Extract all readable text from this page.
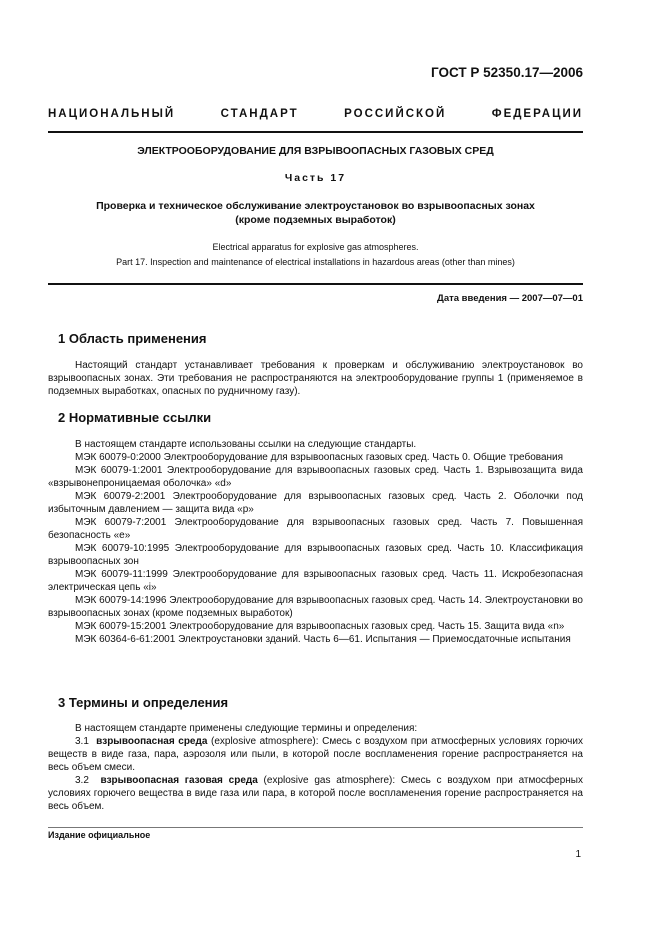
ГОСТ Р 52350.17—2006
НАЦИОНАЛЬНЫЙ СТАНДАРТ РОССИЙСКОЙ ФЕДЕРАЦИИ
ЭЛЕКТРООБОРУДОВАНИЕ ДЛЯ ВЗРЫВООПАСНЫХ ГАЗОВЫХ СРЕД
Часть 17
Проверка и техническое обслуживание электроустановок во взрывоопасных зонах
(кроме подземных выработок)
Electrical apparatus for explosive gas atmospheres.
Part 17. Inspection and maintenance of electrical installations in hazardous areas (other than mines)
Дата введения — 2007—07—01
1 Область применения
Настоящий стандарт устанавливает требования к проверкам и обслуживанию электроустановок во взрывоопасных зонах. Эти требования не распространяются на электрооборудование группы 1 (применяемое в подземных выработках, опасных по рудничному газу).
2 Нормативные ссылки

В настоящем стандарте использованы ссылки на следующие стандарты.

МЭК 60079-0:2000 Электрооборудование для взрывоопасных газовых сред. Часть 0. Общие требования

МЭК 60079-1:2001 Электрооборудование для взрывоопасных газовых сред. Часть 1. Взрывозащита вида «взрывонепроницаемая оболочка» «d»

МЭК 60079-2:2001 Электрооборудование для взрывоопасных газовых сред. Часть 2. Оболочки под избыточным давлением — защита вида «р»

МЭК 60079-7:2001 Электрооборудование для взрывоопасных газовых сред. Часть 7. Повышенная безопасность «е»

МЭК 60079-10:1995 Электрооборудование для взрывоопасных газовых сред. Часть 10. Классификация взрывоопасных зон

МЭК 60079-11:1999 Электрооборудование для взрывоопасных газовых сред. Часть 11. Искробезопасная электрическая цепь «i»

МЭК 60079-14:1996 Электрооборудование для взрывоопасных газовых сред. Часть 14. Электроустановки во взрывоопасных зонах (кроме подземных выработок)

МЭК 60079-15:2001 Электрооборудование для взрывоопасных газовых сред. Часть 15. Защита вида «n»

МЭК 60364-6-61:2001 Электроустановки зданий. Часть 6—61. Испытания — Приемосдаточные испытания

3 Термины и определения

В настоящем стандарте применены следующие термины и определения:

3.1 взрывоопасная среда (explosive atmosphere): Смесь с воздухом при атмосферных условиях горючих веществ в виде газа, пара, аэрозоля или пыли, в которой после воспламенения горение распространяется на весь объем смеси.

3.2 взрывоопасная газовая среда (explosive gas atmosphere): Смесь с воздухом при атмосферных условиях горючего вещества в виде газа или пара, в которой после воспламенения горение распространяется на весь объем.

Издание официальное
1
